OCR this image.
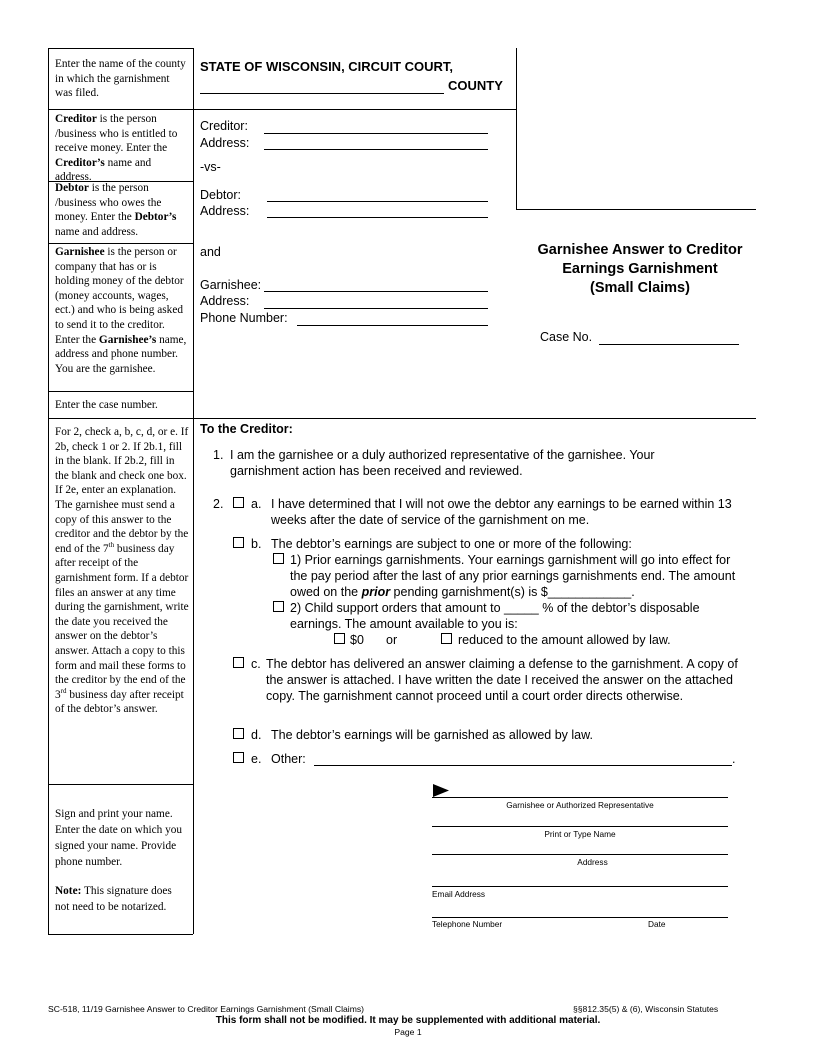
Enter the name of the county in which the garnishment was filed.
Creditor is the person /business who is entitled to receive money. Enter the Creditor’s name and address.
Debtor is the person /business who owes the money. Enter the Debtor’s name and address.
Garnishee is the person or company that has or is holding money of the debtor (money accounts, wages, ect.) and who is being asked to send it to the creditor. Enter the Garnishee’s name, address and phone number.
You are the garnishee.
Enter the case number.
For 2, check a, b, c, d, or e. If 2b, check 1 or 2. If 2b.1, fill in the blank. If 2b.2, fill in the blank and check one box. If 2e, enter an explanation. The garnishee must send a copy of this answer to the creditor and the debtor by the end of the 7th business day after receipt of the garnishment form. If a debtor files an answer at any time during the garnishment, write the date you received the answer on the debtor’s answer. Attach a copy to this form and mail these forms to the creditor by the end of the 3rd business day after receipt of the debtor’s answer.
Sign and print your name. Enter the date on which you signed your name. Provide phone number.
Note: This signature does not need to be notarized.
STATE OF WISCONSIN, CIRCUIT COURT,
COUNTY
Creditor:
Address:
-vs-
Debtor:
Address:
and
Garnishee:
Address:
Phone Number:
Garnishee Answer to Creditor
Earnings Garnishment
(Small Claims)
Case No.
To the Creditor:
1. I am the garnishee or a duly authorized representative of the garnishee. Your garnishment action has been received and reviewed.
2. a. I have determined that I will not owe the debtor any earnings to be earned within 13 weeks after the date of service of the garnishment on me.
b. The debtor’s earnings are subject to one or more of the following:
1) Prior earnings garnishments. Your earnings garnishment will go into effect for the pay period after the last of any prior earnings garnishments end. The amount owed on the prior pending garnishment(s) is $____________.
2) Child support orders that amount to _____ % of the debtor’s disposable earnings. The amount available to you is:
$0 or	reduced to the amount allowed by law.
c. The debtor has delivered an answer claiming a defense to the garnishment. A copy of the answer is attached. I have written the date I received the answer on the attached copy. The garnishment cannot proceed until a court order directs otherwise.
d. The debtor’s earnings will be garnished as allowed by law.
e. Other:	.
Garnishee or Authorized Representative
Print or Type Name
Address
Email Address
Telephone Number	Date
SC-518, 11/19 Garnishee Answer to Creditor Earnings Garnishment (Small Claims)	§§812.35(5) & (6), Wisconsin Statutes
This form shall not be modified. It may be supplemented with additional material.
Page 1
